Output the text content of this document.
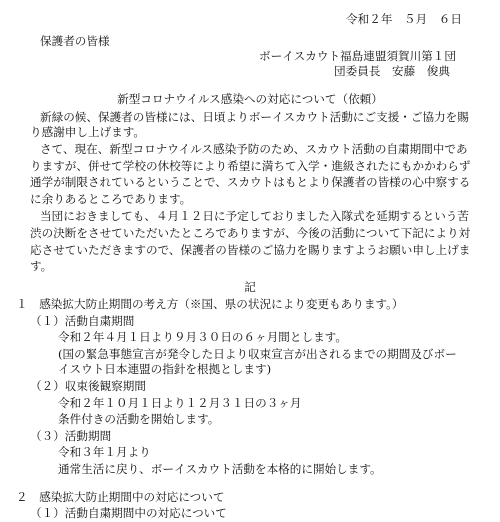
令和２年　５月　６日

保護者の皆様

ボーイスカウト福島連盟須賀川第１団

団委員長　安藤　俊典

新型コロナウイルス感染への対応について（依頼）

新緑の候、保護者の皆様には、日頃よりボーイスカウト活動にご支援・ご協力を賜

り感謝申し上げます。

さて、現在、新型コロナウイルス感染予防のため、スカウト活動の自粛期間中であ

りますが、併せて学校の休校等により希望に満ちて入学・進級されたにもかかわらず

通学が制限されているということで、スカウトはもとより保護者の皆様の心中察する

に余りあるところであります。

当団におきましても、４月１２日に予定しておりました入隊式を延期するという苦

渋の決断をさせていただいたところでありますが、今後の活動について下記により対

応させていただきますので、保護者の皆様のご協力を賜りますようお願い申し上げま

す。

記

１　感染拡大防止期間の考え方（※国、県の状況により変更もあります。）

（１）活動自粛期間

令和２年４月１日より９月３０日の６ヶ月間とします。

(国の緊急事態宣言が発令した日より収束宣言が出されるまでの期間及びボー

イスウト日本連盟の指針を根拠とします)

（２）収束後観察期間

令和２年１０月１日より１２月３１日の３ヶ月

条件付きの活動を開始します。

（３）活動期間

令和３年１月より

通常生活に戻り、ボーイスカウト活動を本格的に開始します。

２　感染拡大防止期間中の対応について

（１）活動自粛期間中の対応について
